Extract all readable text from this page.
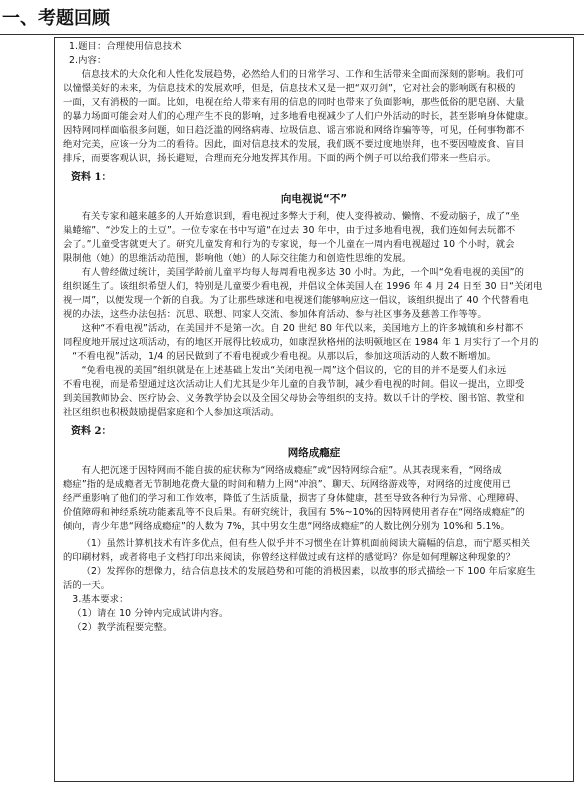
一、考题回顾

1.题目：合理使用信息技术

2.内容：

信息技术的大众化和人性化发展趋势，必然给人们的日常学习、工作和生活带来全面而深刻的影响。我们可

以憧憬美好的未来，为信息技术的发展欢呼，但是，信息技术又是一把“双刃剑”，它对社会的影响既有积极的

一面，又有消极的一面。比如，电视在给人带来有用的信息的同时也带来了负面影响，那些低俗的肥皂剧、大量

的暴力场面可能会对人们的心理产生不良的影响，过多地看电视减少了人们户外活动的时长，甚至影响身体健康。

因特网同样面临很多问题，如日趋泛滥的网络病毒、垃圾信息、谣言邪说和网络诈骗等等，可见，任何事物都不

绝对完美，应该一分为二的看待。因此，面对信息技术的发展，我们既不要过度地崇拜，也不要因噎废食、盲目

排斥，而要客观认识，扬长避短，合理而充分地发挥其作用。下面的两个例子可以给我们带来一些启示。

资料 1：

向电视说“不”

有关专家和越来越多的人开始意识到，看电视过多弊大于利，使人变得被动、懒惰、不爱动脑子，成了“坐

巢蜷缩”、“沙发上的土豆”。一位专家在书中写道“在过去 30 年中，由于过多地看电视，我们连如何去玩都不

会了。”儿童受害就更大了。研究儿童发育和行为的专家说，每一个儿童在一周内看电视超过 10 个小时，就会

限制他（她）的思维活动范围，影响他（她）的人际交往能力和创造性思维的发展。

有人曾经做过统计，美国学龄前儿童平均每人每周看电视多达 30 小时。为此，一个叫“免看电视的美国”的

组织诞生了。该组织希望人们，特别是儿童要少看电视，并倡议全体美国人在 1996 年 4 月 24 日至 30 日“关闭电

视一周”，以便发现一个新的自我。为了让那些球迷和电视迷们能够响应这一倡议，该组织提出了 40 个代替看电

视的办法，这些办法包括：沉思、联想、同家人交流、参加体育活动、参与社区事务及慈善工作等等。

这种“不看电视”活动，在美国并不是第一次。自 20 世纪 80 年代以来，美国地方上的许多城镇和乡村都不

同程度地开展过这项活动，有的地区开展得比较成功，如康涅狄格州的法明顿地区在 1984 年 1 月实行了一个月的

“不看电视”活动，1/4 的居民做到了不看电视或少看电视。从那以后，参加这项活动的人数不断增加。

“免看电视的美国”组织就是在上述基础上发出“关闭电视一周”这个倡议的，它的目的并不是要人们永远

不看电视，而是希望通过这次活动让人们尤其是少年儿童的自我节制，减少看电视的时间。倡议一提出，立即受

到美国教师协会、医疗协会、义务教学协会以及全国父母协会等组织的支持。数以千计的学校、图书馆、教堂和

社区组织也积极鼓励提倡家庭和个人参加这项活动。

资料 2：

网络成瘾症

有人把沉迷于因特网而不能自拔的症状称为“网络成瘾症”或“因特网综合症”。从其表现来看，“网络成

瘾症”指的是成瘾者无节制地花费大量的时间和精力上网“冲浪”、聊天、玩网络游戏等，对网络的过度使用已

经严重影响了他们的学习和工作效率，降低了生活质量，损害了身体健康，甚至导致各种行为异常、心理障碍、

价值障碍和神经系统功能紊乱等不良后果。有研究统计，我国有 5%~10%的因特网使用者存在“网络成瘾症”的

倾向，青少年患“网络成瘾症”的人数为 7%，其中男女生患“网络成瘾症”的人数比例分别为 10%和 5.1%。

（1）虽然计算机技术有许多优点，但有些人似乎并不习惯坐在计算机面前阅读大篇幅的信息，而宁愿买相关

的印刷材料，或者将电子文档打印出来阅读，你曾经这样做过或有这样的感觉吗？你是如何理解这种现象的？

（2）发挥你的想像力，结合信息技术的发展趋势和可能的消极因素，以故事的形式描绘一下 100 年后家庭生

活的一天。

3.基本要求：

（1）请在 10 分钟内完成试讲内容。

（2）教学流程要完整。
